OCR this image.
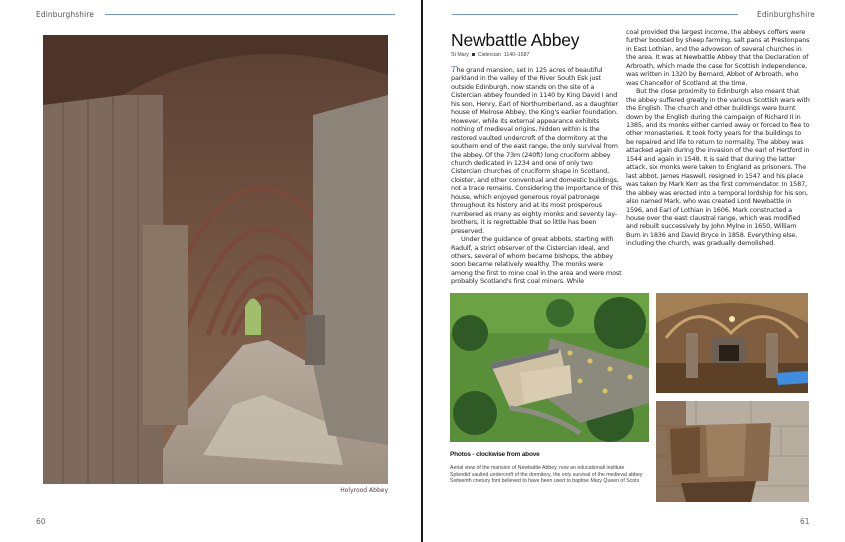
Edinburghshire
Holyrood Abbey
60
Edinburghshire
Newbattle Abbey
St Mary Cistercian 1140–1587

The grand mansion, set in 125 acres of beautiful parkland in the valley of the River South Esk just outside Edinburgh, now stands on the site of a Cistercian abbey founded in 1140 by King David I and his son, Henry, Earl of Northumberland, as a daughter house of Melrose Abbey, the King's earlier foundation. However, while its external appearance exhibits nothing of medieval origins, hidden within is the restored vaulted undercroft of the dormitory at the southern end of the east range, the only survival from the abbey. Of the 73m (240ft) long cruciform abbey church dedicated in 1234 and one of only two Cistercian churches of cruciform shape in Scotland, cloister, and other conventual and domestic buildings, not a trace remains. Considering the importance of this house, which enjoyed generous royal patronage throughout its history and at its most prosperous numbered as many as eighty monks and seventy lay-brothers, it is regrettable that so little has been preserved.

Under the guidance of great abbots, starting with Radulf, a strict observer of the Cistercian ideal, and others, several of whom became bishops, the abbey soon became relatively wealthy. The monks were among the first to mine coal in the area and were most probably Scotland's first coal miners. While

coal provided the largest income, the abbeys coffers were further boosted by sheep farming, salt pans at Prestonpans in East Lothian, and the advowson of several churches in the area. It was at Newbattle Abbey that the Declaration of Arbroath, which made the case for Scottish independence, was written in 1320 by Bernard, Abbot of Arbroath, who was Chancellor of Scotland at the time.

But the close proximity to Edinburgh also meant that the abbey suffered greatly in the various Scottish wars with the English. The church and other buildings were burnt down by the English during the campaign of Richard II in 1385, and its monks either carried away or forced to flee to other monasteries. It took forty years for the buildings to be repaired and life to return to normality. The abbey was attacked again during the invasion of the earl of Hertford in 1544 and again in 1548. It is said that during the latter attack, six monks were taken to England as prisoners. The last abbot, James Haswell, resigned in 1547 and his place was taken by Mark Kerr as the first commendator. In 1587, the abbey was erected into a temporal lordship for his son, also named Mark, who was created Lord Newbattle in 1596, and Earl of Lothian in 1606. Mark constructed a house over the east claustral range, which was modified and rebuilt successively by John Mylne in 1650, William Burn in 1836 and David Bryce in 1858. Everything else, including the church, was gradually demolished.

Photos - clockwise from above
Aerial view of the mansion of Newbattle Abbey, now an educationall institute
Splendid vaulted undercroft of the dormitory, the only survival of the medieval abbey
Sixteenth cnetury font believed to have been used to baptise Mary Queen of Scots
61
